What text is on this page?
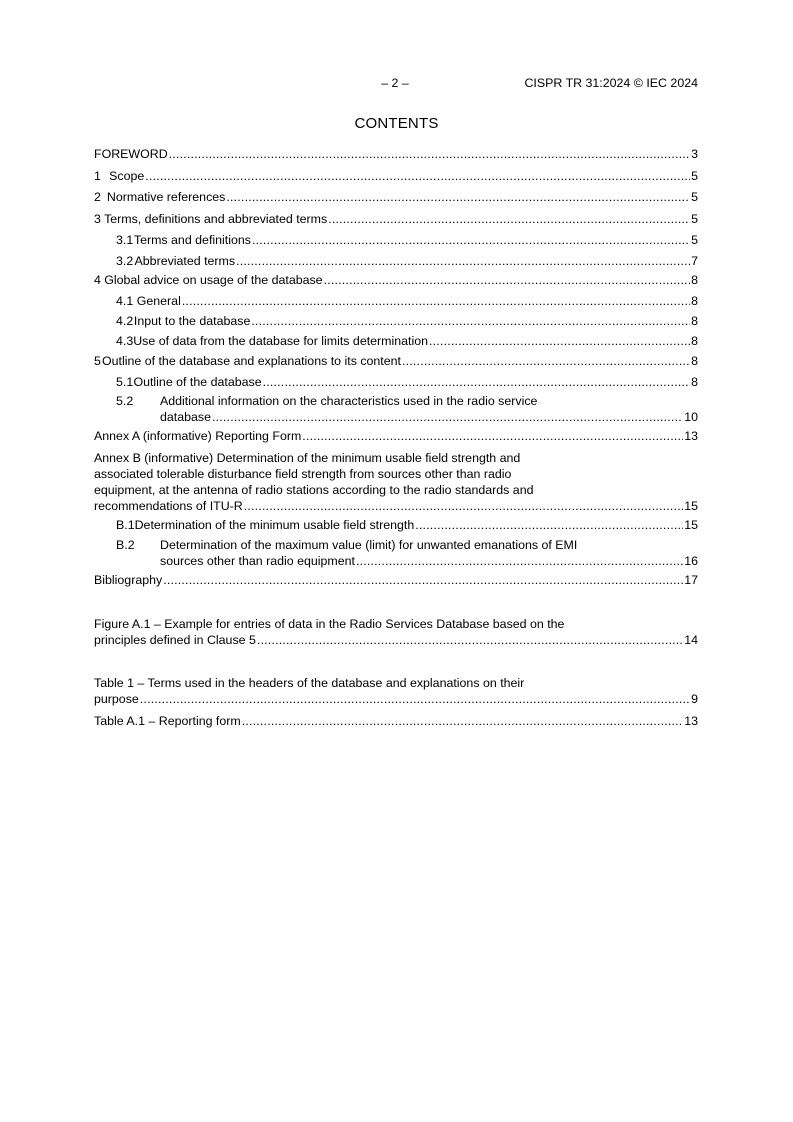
– 2 –	CISPR TR 31:2024 © IEC 2024
CONTENTS
FOREWORD .....	3
1 Scope .....	5
2 Normative references .....	5
3 Terms, definitions and abbreviated terms .....	5
3.1 Terms and definitions .....	5
3.2 Abbreviated terms .....	7
4 Global advice on usage of the database .....	8
4.1 General .....	8
4.2 Input to the database .....	8
4.3 Use of data from the database for limits determination .....	8
5 Outline of the database and explanations to its content .....	8
5.1 Outline of the database .....	8
5.2 Additional information on the characteristics used in the radio service
database .....	10
Annex A (informative) Reporting Form .....	13
Annex B (informative) Determination of the minimum usable field strength and
associated tolerable disturbance field strength from sources other than radio
equipment, at the antenna of radio stations according to the radio standards and
recommendations of ITU-R .....	15
B.1 Determination of the minimum usable field strength .....	15
B.2 Determination of the maximum value (limit) for unwanted emanations of EMI
sources other than radio equipment .....	16
Bibliography .....	17
Figure A.1 – Example for entries of data in the Radio Services Database based on the
principles defined in Clause 5 .....	14
Table 1 – Terms used in the headers of the database and explanations on their
purpose .....	9
Table A.1 – Reporting form .....	13
